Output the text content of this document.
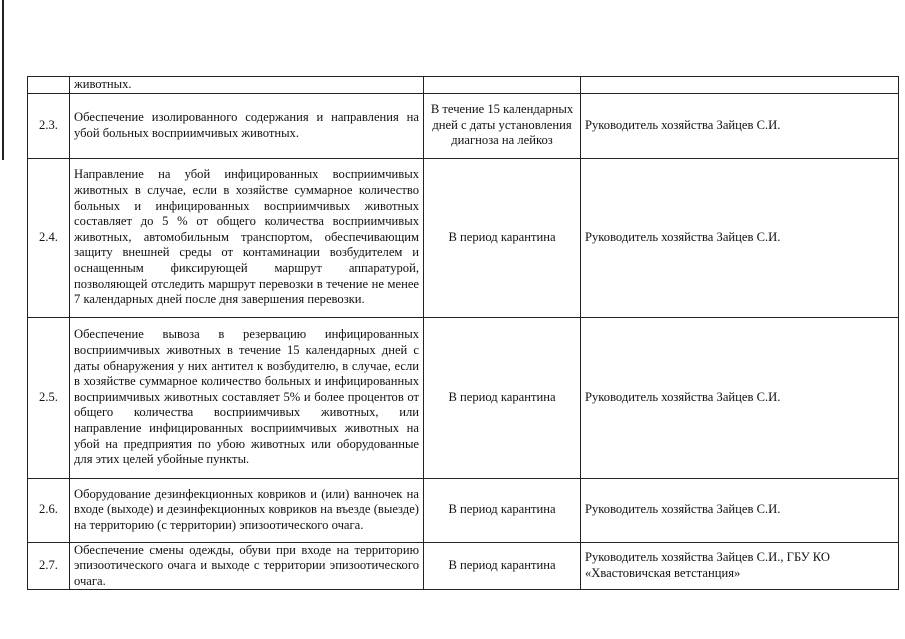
	животных.		
2.3.	Обеспечение изолированного содержания и направления на убой больных восприимчивых животных.	В течение 15 календарных дней с даты установления диагноза на лейкоз	Руководитель хозяйства Зайцев С.И.
2.4.	Направление на убой инфицированных восприимчивых животных в случае, если в хозяйстве суммарное количество больных и инфицированных восприимчивых животных составляет до 5 % от общего количества восприимчивых животных, автомобильным транспортом, обеспечивающим защиту внешней среды от контаминации возбудителем и оснащенным фиксирующей маршрут аппаратурой, позволяющей отследить маршрут перевозки в течение не менее 7 календарных дней после дня завершения перевозки.	В период карантина	Руководитель хозяйства Зайцев С.И.
2.5.	Обеспечение вывоза в резервацию инфицированных восприимчивых животных в течение 15 календарных дней с даты обнаружения у них антител к возбудителю, в случае, если в хозяйстве суммарное количество больных и инфицированных восприимчивых животных составляет 5% и более процентов от общего количества восприимчивых животных, или направление инфицированных восприимчивых животных на убой на предприятия по убою животных или оборудованные для этих целей убойные пункты.	В период карантина	Руководитель хозяйства Зайцев С.И.
2.6.	Оборудование дезинфекционных ковриков и (или) ванночек на входе (выходе) и дезинфекционных ковриков на въезде (выезде) на территорию (с территории) эпизоотического очага.	В период карантина	Руководитель хозяйства Зайцев С.И.
2.7.	Обеспечение смены одежды, обуви при входе на территорию эпизоотического очага и выходе с территории эпизоотического очага.	В период карантина	Руководитель хозяйства Зайцев С.И., ГБУ КО «Хвастовичская ветстанция»
